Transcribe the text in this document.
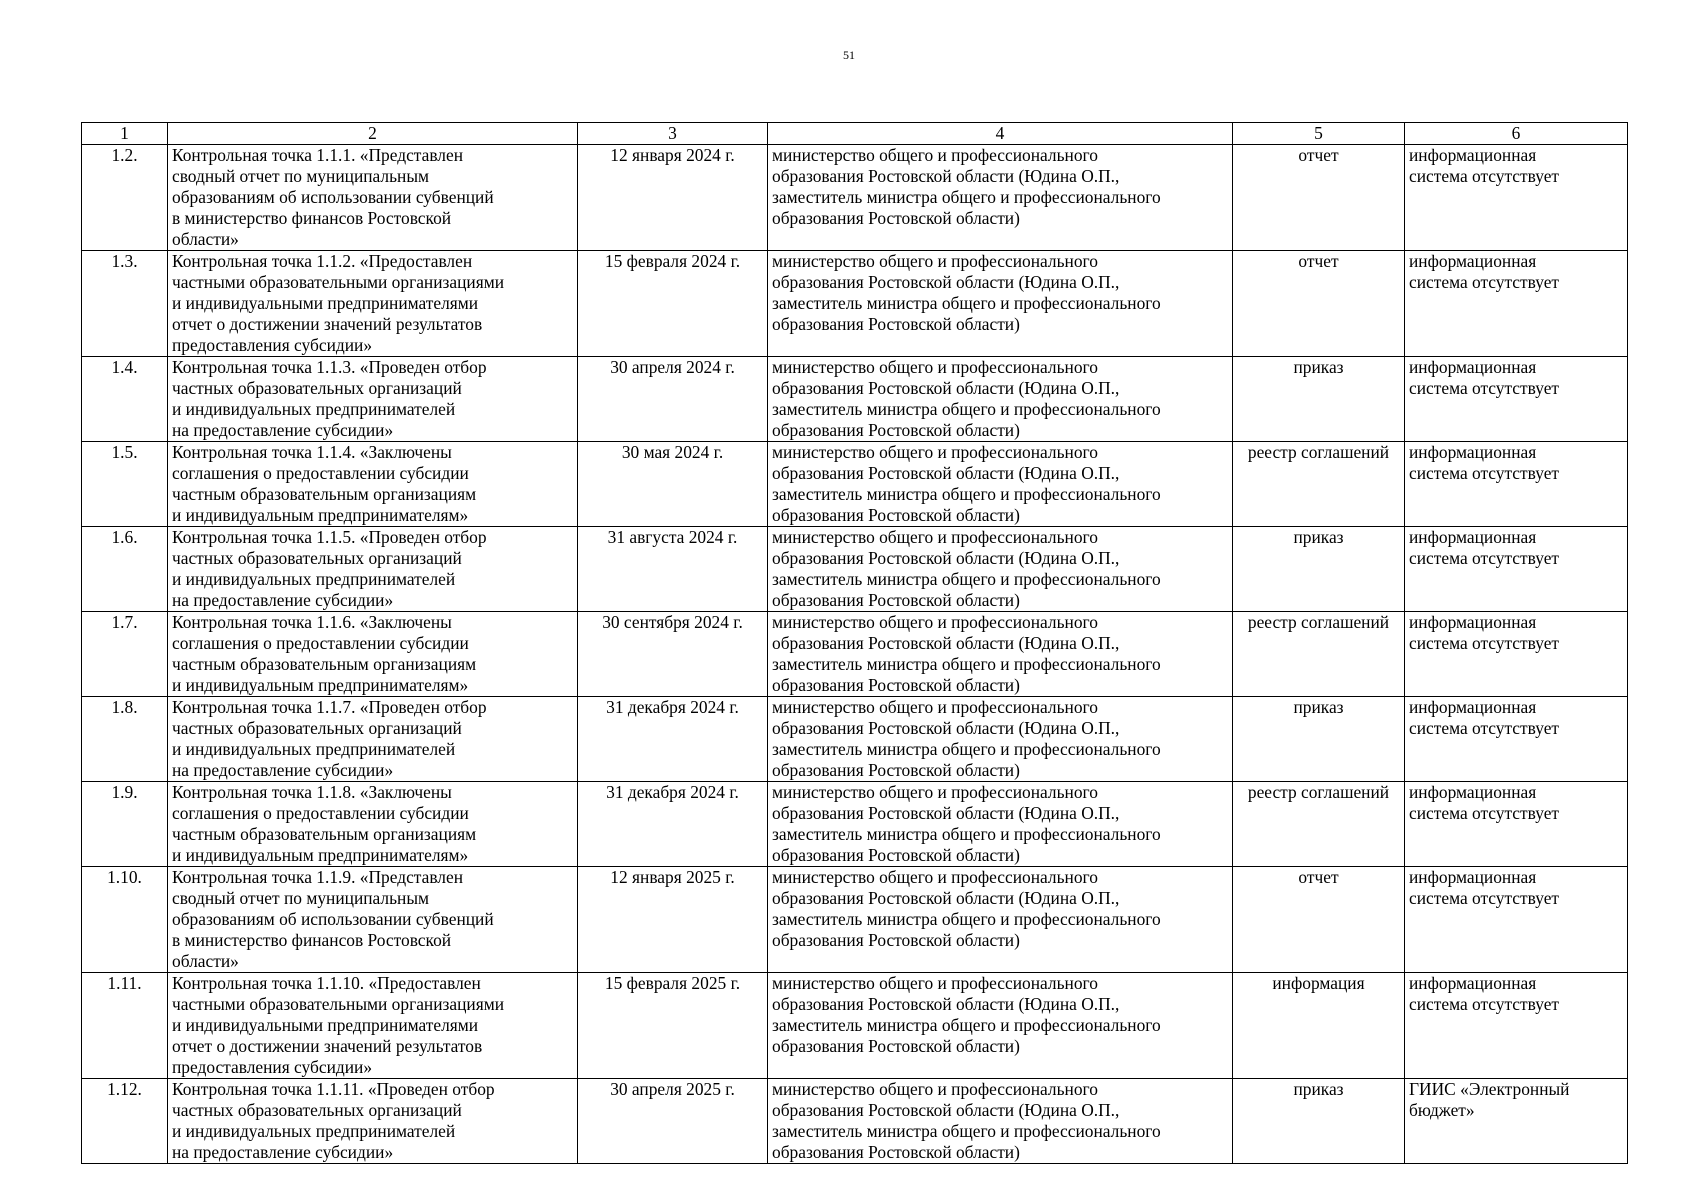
51
1	2	3	4	5	6
1.2.	Контрольная точка 1.1.1. «Представлен
сводный отчет по муниципальным
образованиям об использовании субвенций
в министерство финансов Ростовской
области»	12 января 2024 г.	министерство общего и профессионального
образования Ростовской области (Юдина О.П.,
заместитель министра общего и профессионального
образования Ростовской области)	отчет	информационная
система отсутствует

1.3.	Контрольная точка 1.1.2. «Предоставлен
частными образовательными организациями
и индивидуальными предпринимателями
отчет о достижении значений результатов
предоставления субсидии»	15 февраля 2024 г.	министерство общего и профессионального
образования Ростовской области (Юдина О.П.,
заместитель министра общего и профессионального
образования Ростовской области)	отчет	информационная
система отсутствует

1.4.	Контрольная точка 1.1.3. «Проведен отбор
частных образовательных организаций
и индивидуальных предпринимателей
на предоставление субсидии»	30 апреля 2024 г.	министерство общего и профессионального
образования Ростовской области (Юдина О.П.,
заместитель министра общего и профессионального
образования Ростовской области)	приказ	информационная
система отсутствует

1.5.	Контрольная точка 1.1.4. «Заключены
соглашения о предоставлении субсидии
частным образовательным организациям
и индивидуальным предпринимателям»	30 мая 2024 г.	министерство общего и профессионального
образования Ростовской области (Юдина О.П.,
заместитель министра общего и профессионального
образования Ростовской области)	реестр соглашений	информационная
система отсутствует

1.6.	Контрольная точка 1.1.5. «Проведен отбор
частных образовательных организаций
и индивидуальных предпринимателей
на предоставление субсидии»	31 августа 2024 г.	министерство общего и профессионального
образования Ростовской области (Юдина О.П.,
заместитель министра общего и профессионального
образования Ростовской области)	приказ	информационная
система отсутствует

1.7.	Контрольная точка 1.1.6. «Заключены
соглашения о предоставлении субсидии
частным образовательным организациям
и индивидуальным предпринимателям»	30 сентября 2024 г.	министерство общего и профессионального
образования Ростовской области (Юдина О.П.,
заместитель министра общего и профессионального
образования Ростовской области)	реестр соглашений	информационная
система отсутствует

1.8.	Контрольная точка 1.1.7. «Проведен отбор
частных образовательных организаций
и индивидуальных предпринимателей
на предоставление субсидии»	31 декабря 2024 г.	министерство общего и профессионального
образования Ростовской области (Юдина О.П.,
заместитель министра общего и профессионального
образования Ростовской области)	приказ	информационная
система отсутствует

1.9.	Контрольная точка 1.1.8. «Заключены
соглашения о предоставлении субсидии
частным образовательным организациям
и индивидуальным предпринимателям»	31 декабря 2024 г.	министерство общего и профессионального
образования Ростовской области (Юдина О.П.,
заместитель министра общего и профессионального
образования Ростовской области)	реестр соглашений	информационная
система отсутствует

1.10.	Контрольная точка 1.1.9. «Представлен
сводный отчет по муниципальным
образованиям об использовании субвенций
в министерство финансов Ростовской
области»	12 января 2025 г.	министерство общего и профессионального
образования Ростовской области (Юдина О.П.,
заместитель министра общего и профессионального
образования Ростовской области)	отчет	информационная
система отсутствует

1.11.	Контрольная точка 1.1.10. «Предоставлен
частными образовательными организациями
и индивидуальными предпринимателями
отчет о достижении значений результатов
предоставления субсидии»	15 февраля 2025 г.	министерство общего и профессионального
образования Ростовской области (Юдина О.П.,
заместитель министра общего и профессионального
образования Ростовской области)	информация	информационная
система отсутствует

1.12.	Контрольная точка 1.1.11. «Проведен отбор
частных образовательных организаций
и индивидуальных предпринимателей
на предоставление субсидии»	30 апреля 2025 г.	министерство общего и профессионального
образования Ростовской области (Юдина О.П.,
заместитель министра общего и профессионального
образования Ростовской области)	приказ	ГИИС «Электронный
бюджет»
